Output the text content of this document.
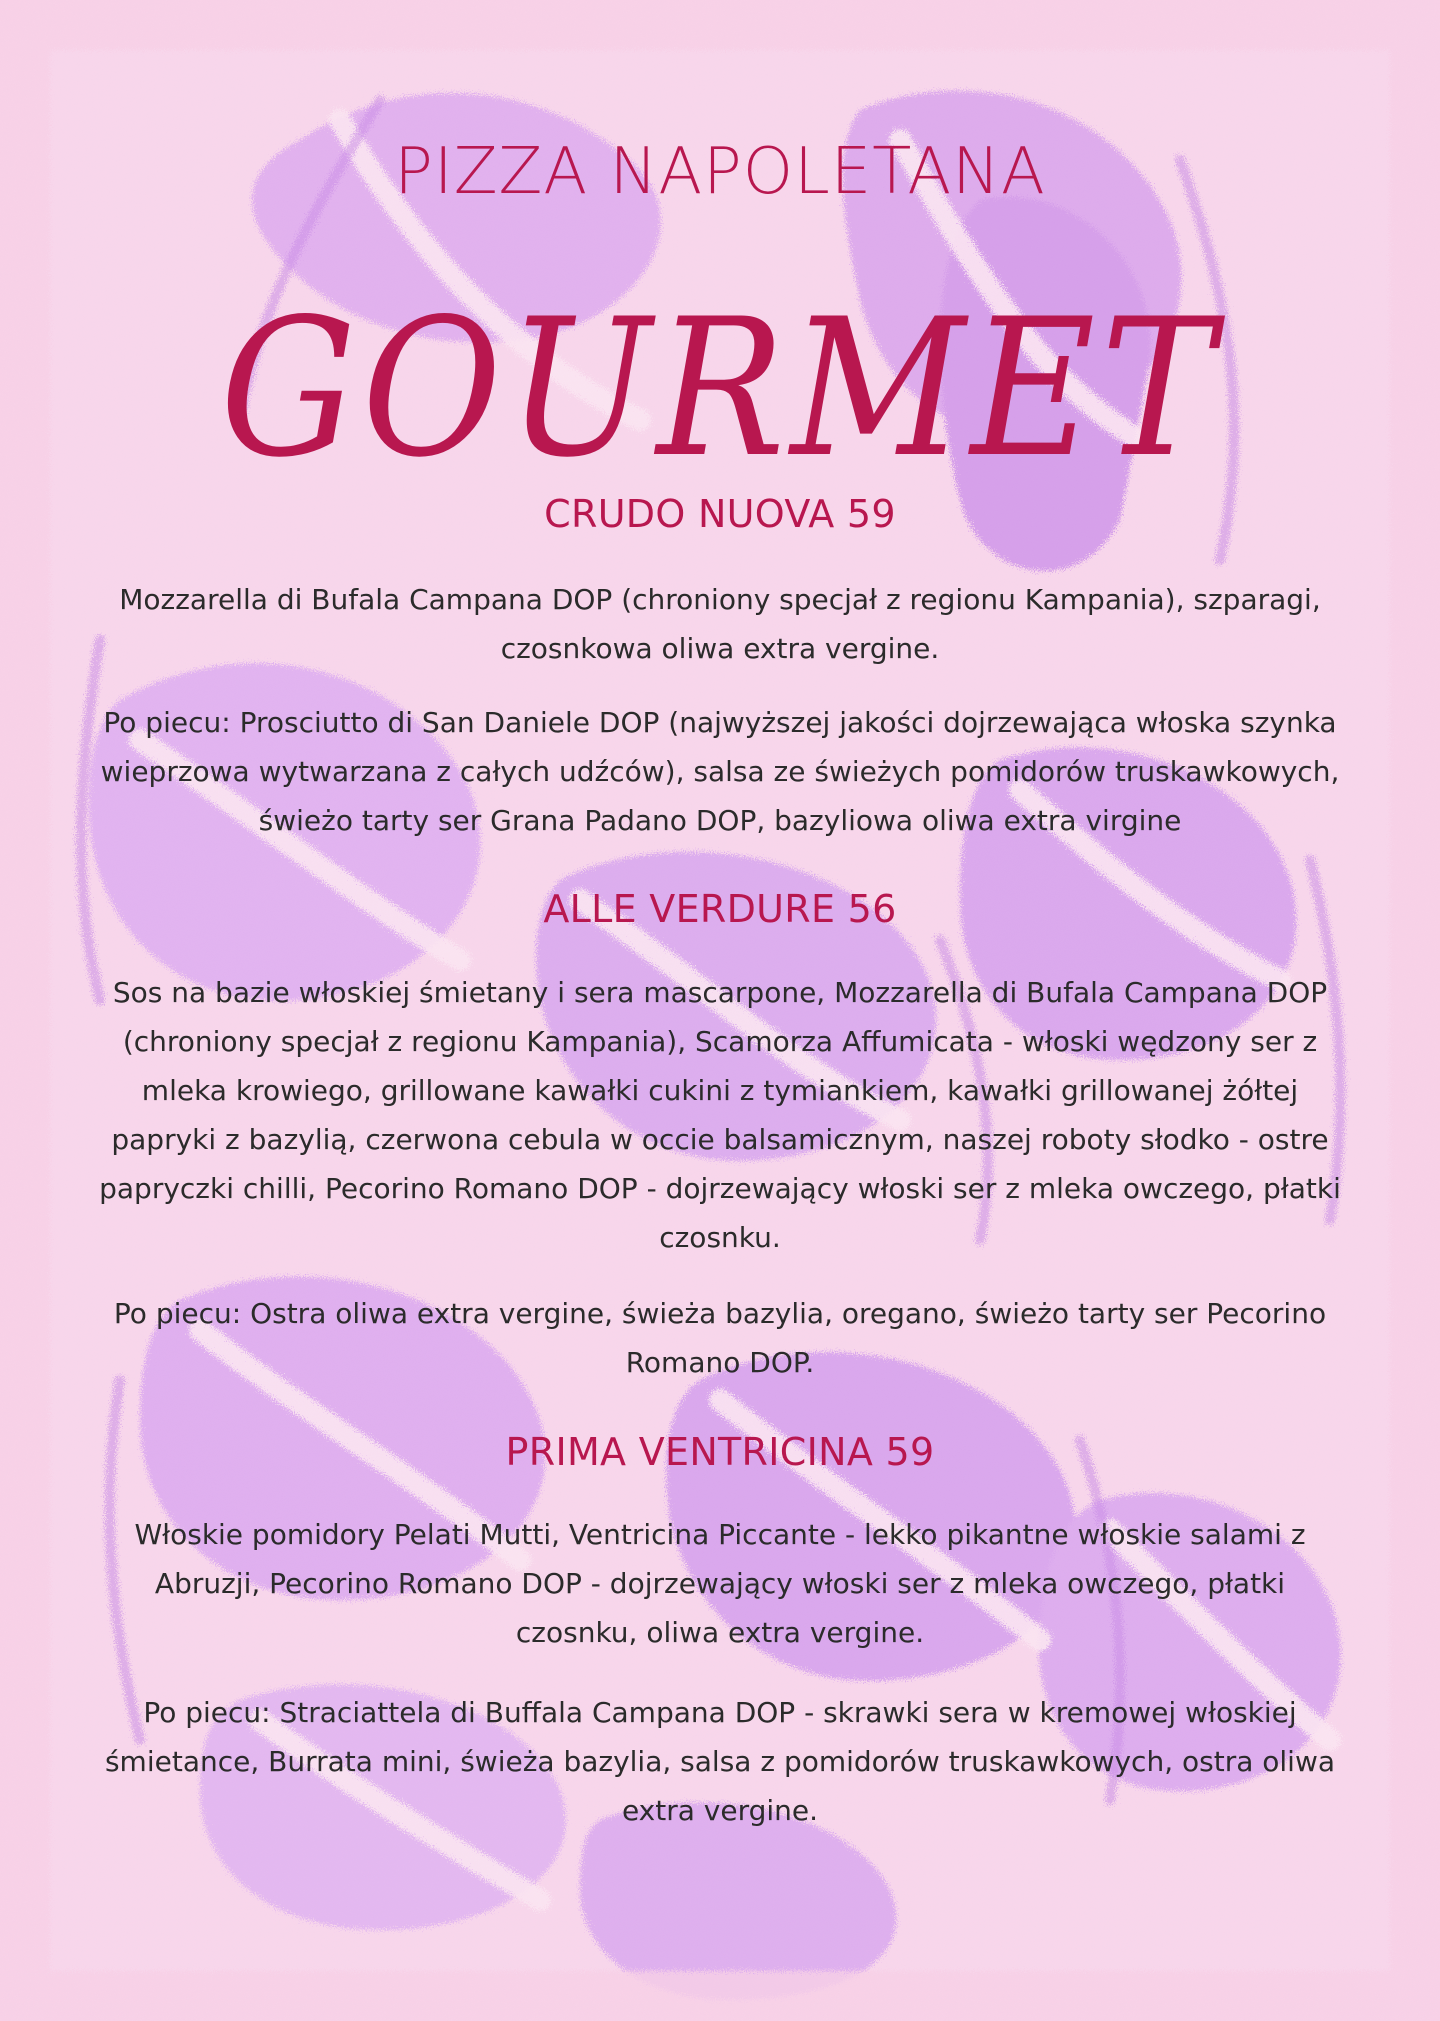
PIZZA NAPOLETANA
GOURMET
CRUDO NUOVA 59
Mozzarella di Bufala Campana DOP (chroniony specjał z regionu Kampania), szparagi, czosnkowa oliwa extra vergine.
Po piecu: Prosciutto di San Daniele DOP (najwyższej jakości dojrzewająca włoska szynka wieprzowa wytwarzana z całych udźców), salsa ze świeżych pomidorów truskawkowych, świeżo tarty ser Grana Padano DOP, bazyliowa oliwa extra virgine
ALLE VERDURE 56
Sos na bazie włoskiej śmietany i sera mascarpone, Mozzarella di Bufala Campana DOP (chroniony specjał z regionu Kampania), Scamorza Affumicata - włoski wędzony ser z mleka krowiego, grillowane kawałki cukini z tymiankiem, kawałki grillowanej żółtej papryki z bazylią, czerwona cebula w occie balsamicznym, naszej roboty słodko - ostre papryczki chilli, Pecorino Romano DOP - dojrzewający włoski ser z mleka owczego, płatki czosnku.
Po piecu: Ostra oliwa extra vergine, świeża bazylia, oregano, świeżo tarty ser Pecorino Romano DOP.
PRIMA VENTRICINA 59
Włoskie pomidory Pelati Mutti, Ventricina Piccante - lekko pikantne włoskie salami z Abruzji, Pecorino Romano DOP - dojrzewający włoski ser z mleka owczego, płatki czosnku, oliwa extra vergine.
Po piecu: Straciattela di Buffala Campana DOP - skrawki sera w kremowej włoskiej śmietance, Burrata mini, świeża bazylia, salsa z pomidorów truskawkowych, ostra oliwa extra vergine.
